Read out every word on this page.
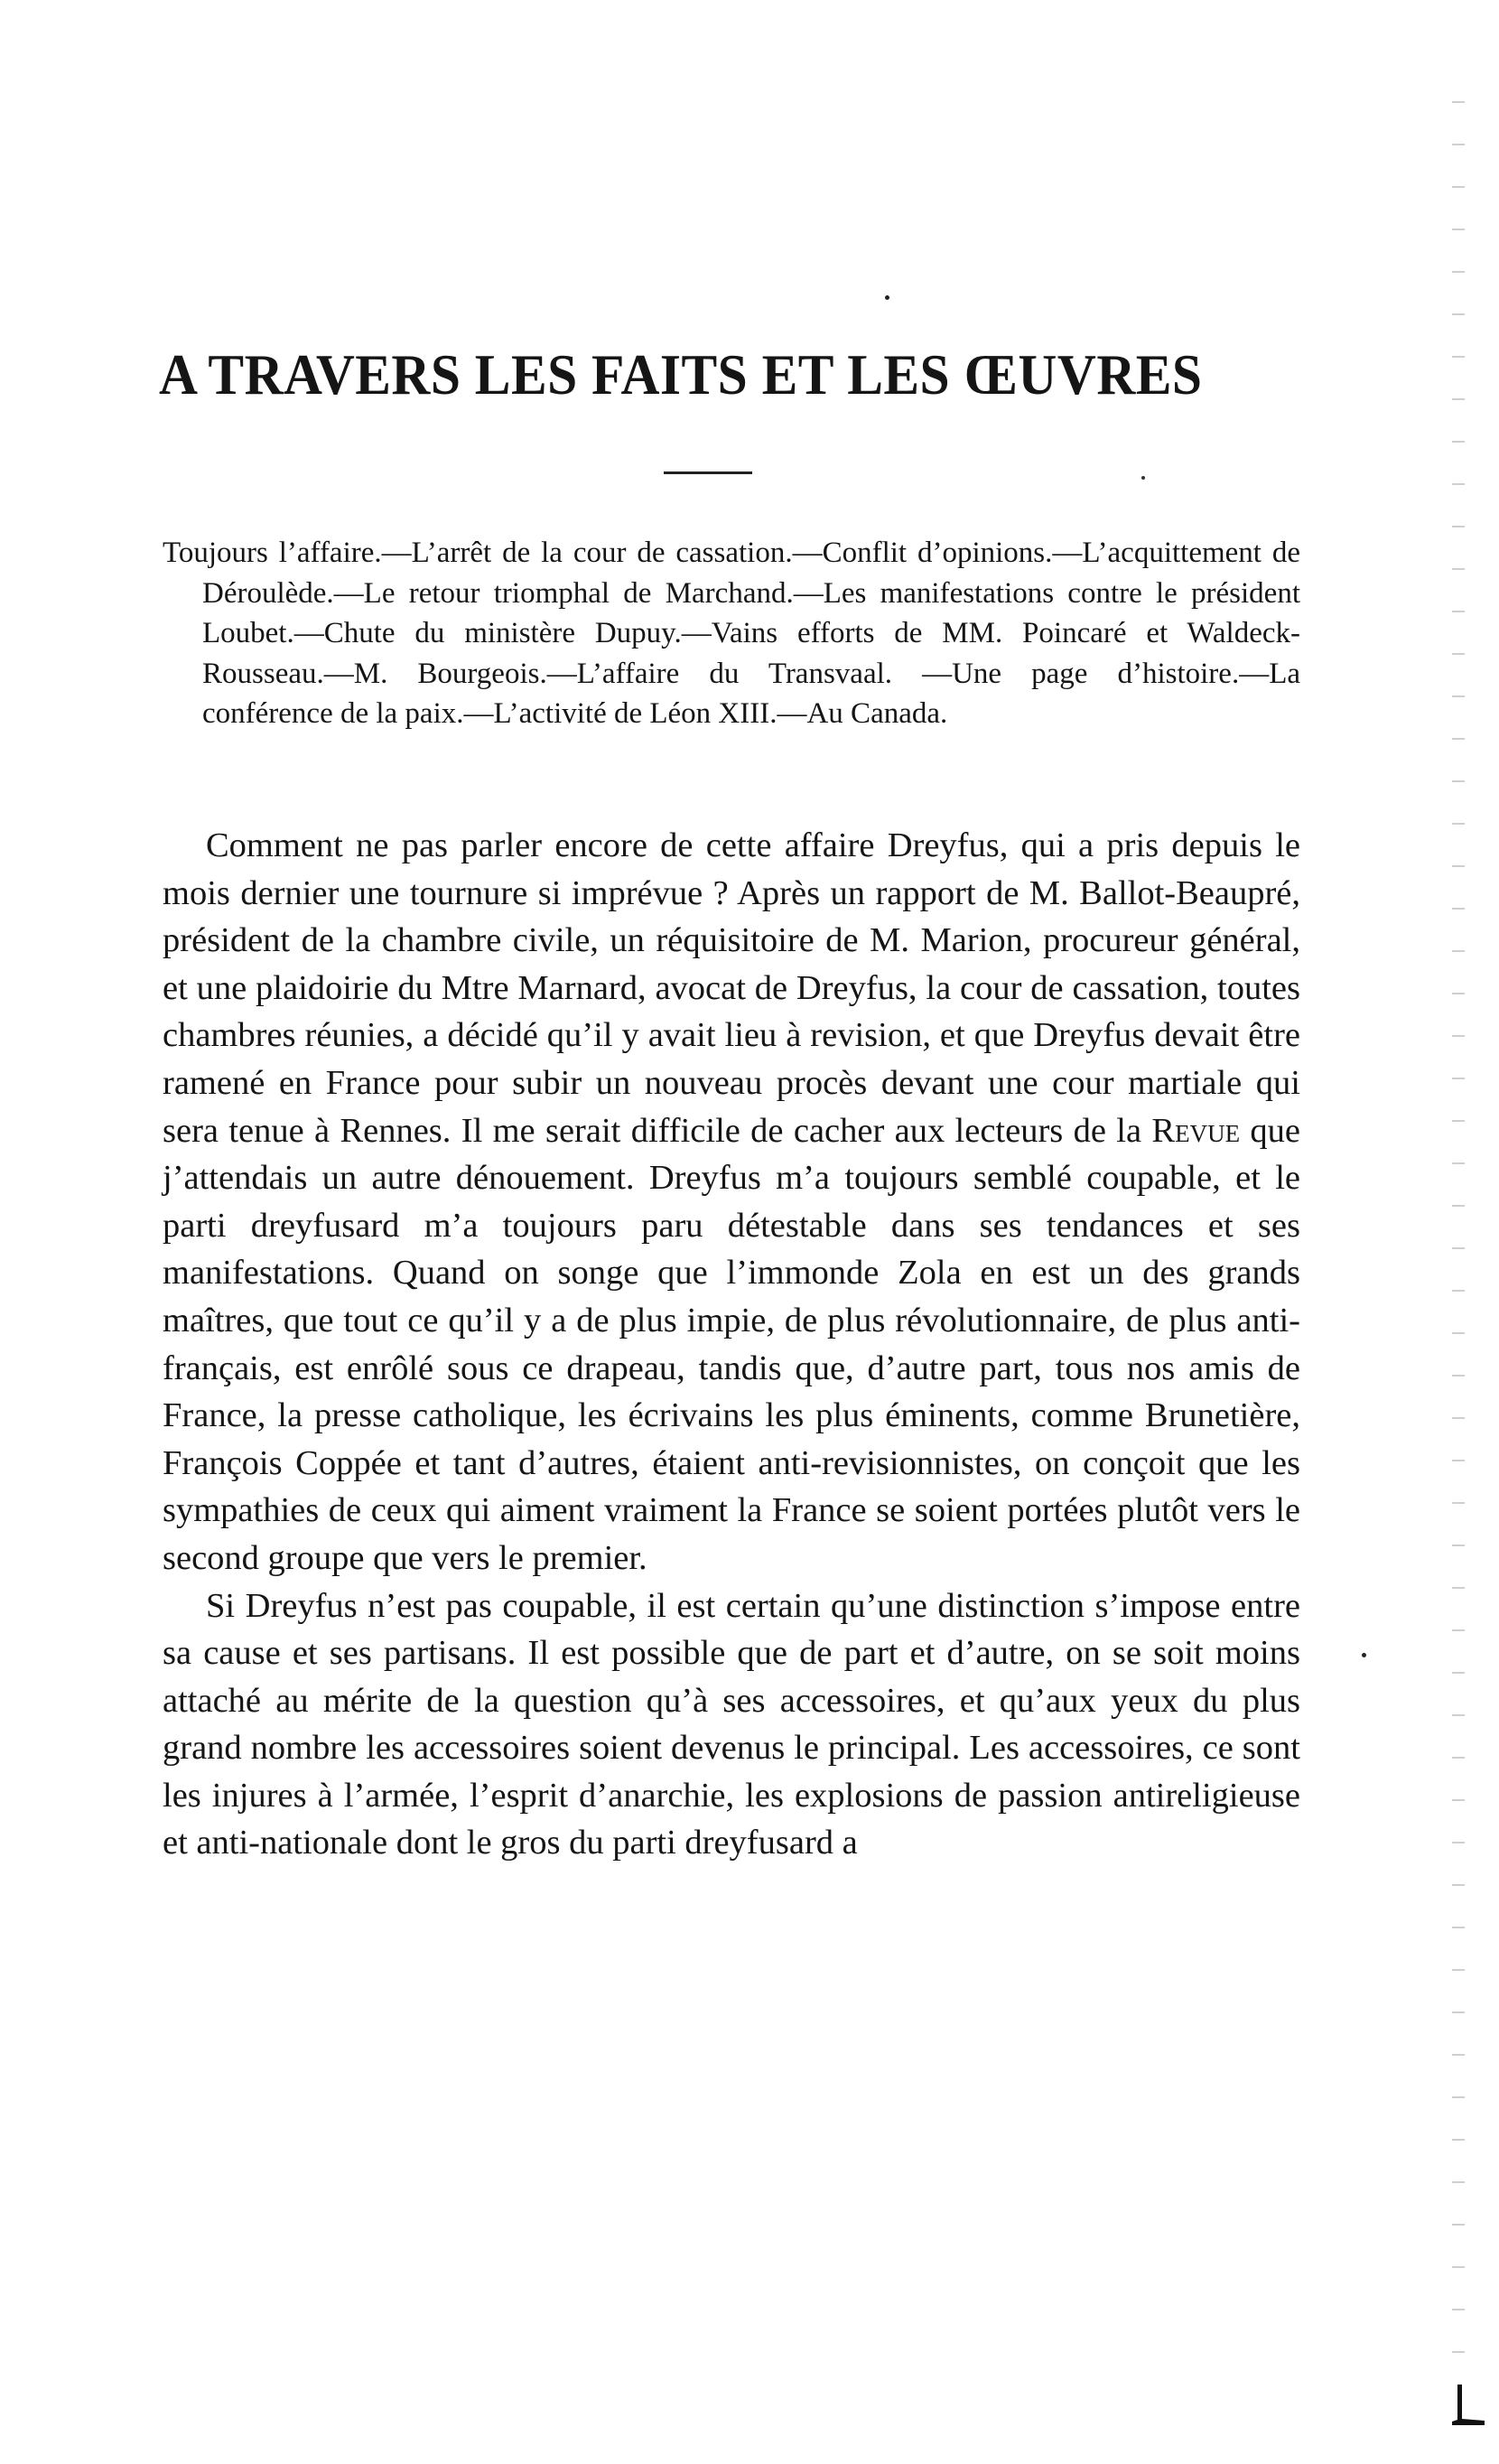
A TRAVERS LES FAITS ET LES ŒUVRES
Toujours l’affaire.—L’arrêt de la cour de cassation.—Conflit d’opinions.—L’acquittement de Déroulède.—Le retour triomphal de Marchand.—Les manifestations contre le président Loubet.—Chute du ministère Dupuy.—Vains efforts de MM. Poincaré et Waldeck-Rousseau.—M. Bourgeois.—L’affaire du Transvaal. —Une page d’histoire.—La conférence de la paix.—L’activité de Léon XIII.—Au Canada.

Comment ne pas parler encore de cette affaire Dreyfus, qui a pris depuis le mois dernier une tournure si imprévue ? Après un rapport de M. Ballot-Beaupré, président de la chambre civile, un réquisitoire de M. Marion, procureur général, et une plaidoirie du Mtre Marnard, avocat de Dreyfus, la cour de cassation, toutes chambres réunies, a décidé qu’il y avait lieu à revision, et que Dreyfus devait être ramené en France pour subir un nouveau procès devant une cour martiale qui sera tenue à Rennes. Il me serait difficile de cacher aux lecteurs de la Revue que j’attendais un autre dénouement. Dreyfus m’a toujours semblé coupable, et le parti dreyfusard m’a toujours paru détestable dans ses tendances et ses manifestations. Quand on songe que l’immonde Zola en est un des grands maîtres, que tout ce qu’il y a de plus impie, de plus révolutionnaire, de plus anti-français, est enrôlé sous ce drapeau, tandis que, d’autre part, tous nos amis de France, la presse catholique, les écrivains les plus éminents, comme Brunetière, François Coppée et tant d’autres, étaient anti-revisionnistes, on conçoit que les sympathies de ceux qui aiment vraiment la France se soient portées plutôt vers le second groupe que vers le premier.

Si Dreyfus n’est pas coupable, il est certain qu’une distinction s’impose entre sa cause et ses partisans. Il est possible que de part et d’autre, on se soit moins attaché au mérite de la question qu’à ses accessoires, et qu’aux yeux du plus grand nombre les accessoires soient devenus le principal. Les accessoires, ce sont les injures à l’armée, l’esprit d’anarchie, les explosions de passion antireligieuse et anti-nationale dont le gros du parti dreyfusard a
